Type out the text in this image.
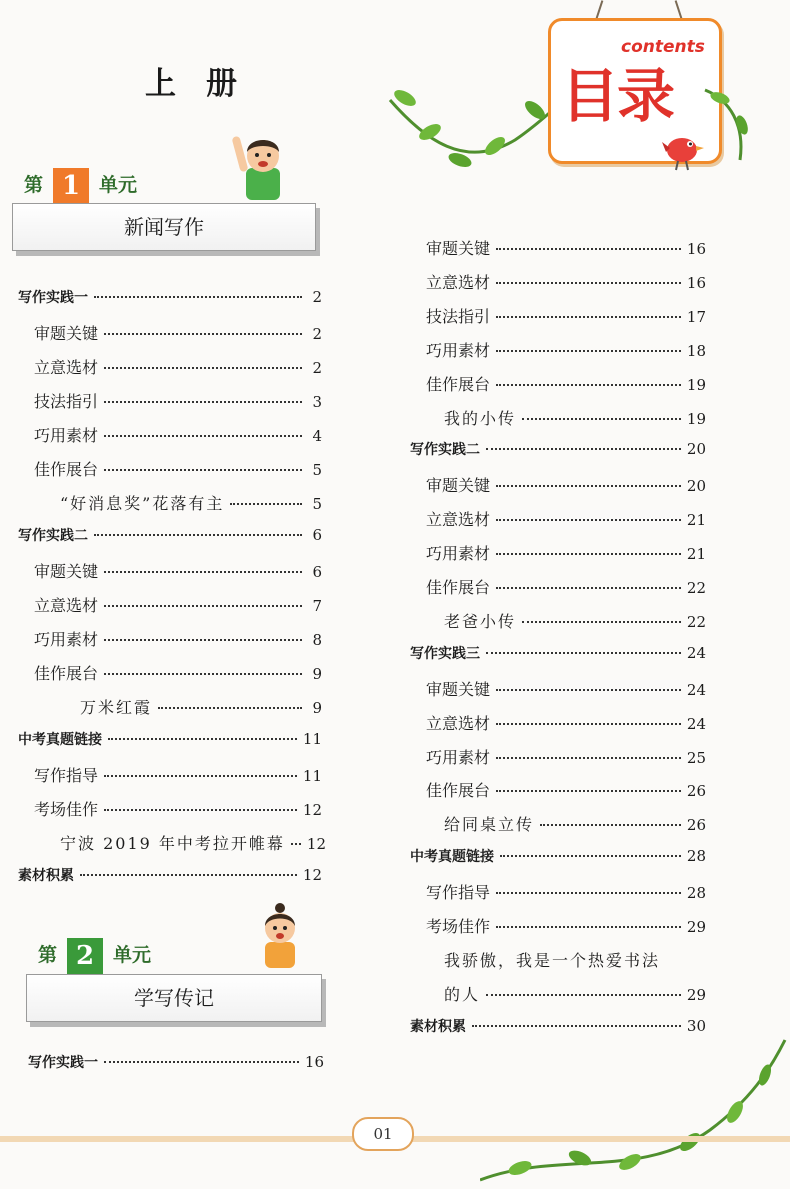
上册
contents
目录
第 1 单元
新闻写作
写作实践一	2
审题关键	2
立意选材	2
技法指引	3
巧用素材	4
佳作展台	5
“好消息奖”花落有主	5
写作实践二	6
审题关键	6
立意选材	7
巧用素材	8
佳作展台	9
万米红霞	9
中考真题链接	11
写作指导	11
考场佳作	12
宁波 2019 年中考拉开帷幕 12
素材积累	12
第 2 单元
学写传记
写作实践一	16
审题关键	16
立意选材	16
技法指引	17
巧用素材	18
佳作展台	19
我的小传	19
写作实践二	20
审题关键	20
立意选材	21
巧用素材	21
佳作展台	22
老爸小传	22
写作实践三	24
审题关键	24
立意选材	24
巧用素材	25
佳作展台	26
给同桌立传	26
中考真题链接	28
写作指导	28
考场佳作	29
我骄傲，我是一个热爱书法
的人	29
素材积累	30
01
